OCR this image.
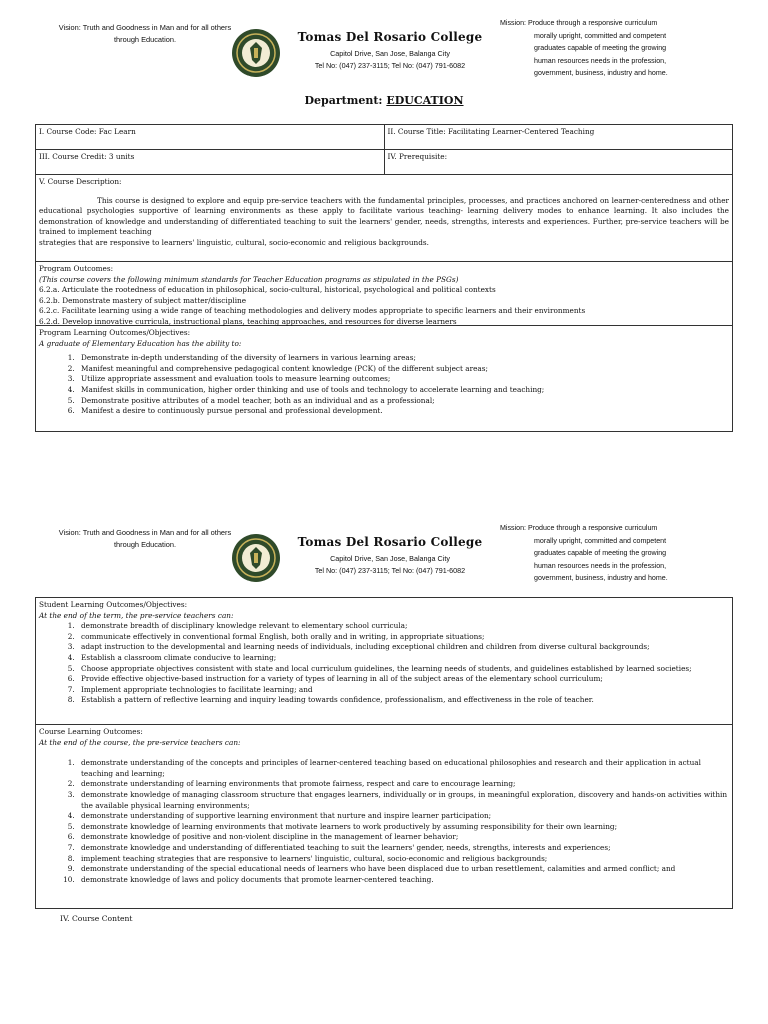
Vision: Truth and Goodness in Man and for all others through Education.	Tomas Del Rosario College
Capitol Drive, San Jose, Balanga City
Tel No: (047) 237-3115; Tel No: (047) 791-6082
Mission: Produce through a responsive curriculum
morally upright, committed and competent
graduates capable of meeting the growing
human resources needs in the profession,
government, business, industry and home.
Department: EDUCATION
I. Course Code: Fac Learn	II. Course Title: Facilitating Learner-Centered Teaching
III. Course Credit: 3 units	IV. Prerequisite:
V. Course Description:
This course is designed to explore and equip pre-service teachers with the fundamental principles, processes, and practices anchored on learner-centeredness and other educational psychologies supportive of learning environments as these apply to facilitate various teaching- learning delivery modes to enhance learning. It also includes the demonstration of knowledge and understanding of differentiated teaching to suit the learners' gender, needs, strengths, interests and experiences. Further, pre-service teachers will be trained to implement teaching
strategies that are responsive to learners' linguistic, cultural, socio-economic and religious backgrounds.
Program Outcomes:
(This course covers the following minimum standards for Teacher Education programs as stipulated in the PSGs)
6.2.a. Articulate the rootedness of education in philosophical, socio-cultural, historical, psychological and political contexts
6.2.b. Demonstrate mastery of subject matter/discipline
6.2.c. Facilitate learning using a wide range of teaching methodologies and delivery modes appropriate to specific learners and their environments
6.2.d. Develop innovative curricula, instructional plans, teaching approaches, and resources for diverse learners
Program Learning Outcomes/Objectives:
A graduate of Elementary Education has the ability to:
1. Demonstrate in-depth understanding of the diversity of learners in various learning areas;
2. Manifest meaningful and comprehensive pedagogical content knowledge (PCK) of the different subject areas;
3. Utilize appropriate assessment and evaluation tools to measure learning outcomes;
4. Manifest skills in communication, higher order thinking and use of tools and technology to accelerate learning and teaching;
5. Demonstrate positive attributes of a model teacher, both as an individual and as a professional;
6. Manifest a desire to continuously pursue personal and professional development.
Vision: Truth and Goodness in Man and for all others through Education.	Tomas Del Rosario College
Capitol Drive, San Jose, Balanga City
Tel No: (047) 237-3115; Tel No: (047) 791-6082
Mission: Produce through a responsive curriculum
morally upright, committed and competent
graduates capable of meeting the growing
human resources needs in the profession,
government, business, industry and home.
Student Learning Outcomes/Objectives:
At the end of the term, the pre-service teachers can:
1. demonstrate breadth of disciplinary knowledge relevant to elementary school curricula;
2. communicate effectively in conventional formal English, both orally and in writing, in appropriate situations;
3. adapt instruction to the developmental and learning needs of individuals, including exceptional children and children from diverse cultural backgrounds;
4. Establish a classroom climate conducive to learning;
5. Choose appropriate objectives consistent with state and local curriculum guidelines, the learning needs of students, and guidelines established by learned societies;
6. Provide effective objective-based instruction for a variety of types of learning in all of the subject areas of the elementary school curriculum;
7. Implement appropriate technologies to facilitate learning; and
8. Establish a pattern of reflective learning and inquiry leading towards confidence, professionalism, and effectiveness in the role of teacher.
Course Learning Outcomes:
At the end of the course, the pre-service teachers can:
1. demonstrate understanding of the concepts and principles of learner-centered teaching based on educational philosophies and research and their application in actual teaching and learning;
2. demonstrate understanding of learning environments that promote fairness, respect and care to encourage learning;
3. demonstrate knowledge of managing classroom structure that engages learners, individually or in groups, in meaningful exploration, discovery and hands-on activities within the available physical learning environments;
4. demonstrate understanding of supportive learning environment that nurture and inspire learner participation;
5. demonstrate knowledge of learning environments that motivate learners to work productively by assuming responsibility for their own learning;
6. demonstrate knowledge of positive and non-violent discipline in the management of learner behavior;
7. demonstrate knowledge and understanding of differentiated teaching to suit the learners' gender, needs, strengths, interests and experiences;
8. implement teaching strategies that are responsive to learners' linguistic, cultural, socio-economic and religious backgrounds;
9. demonstrate understanding of the special educational needs of learners who have been displaced due to urban resettlement, calamities and armed conflict; and
10. demonstrate knowledge of laws and policy documents that promote learner-centered teaching.
IV. Course Content
